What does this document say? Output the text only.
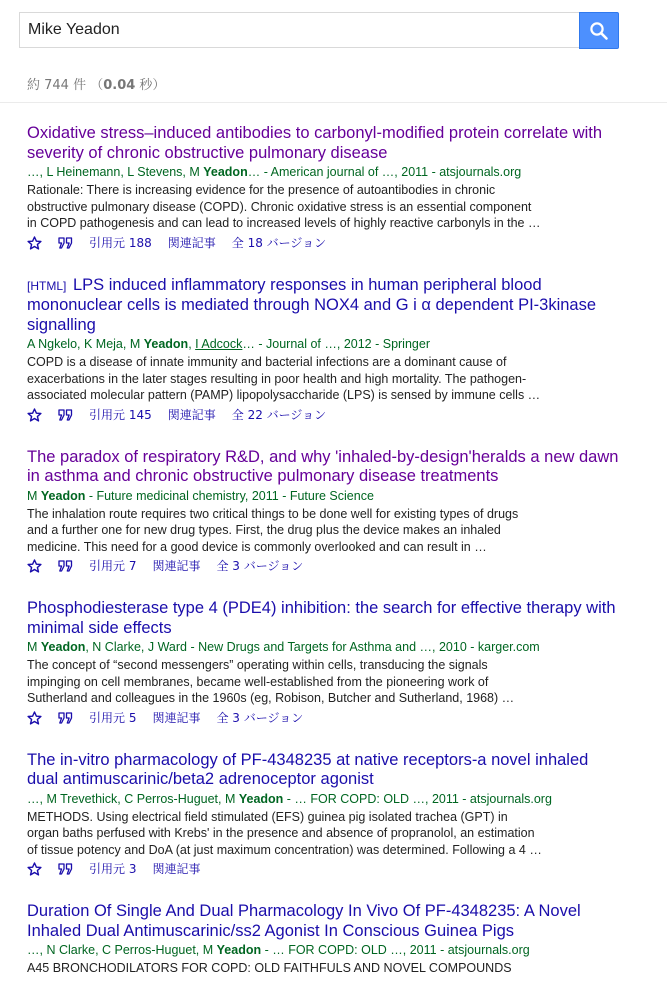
Mike Yeadon
約 744 件 （0.04 秒）
Oxidative stress–induced antibodies to carbonyl-modified protein correlate with
severity of chronic obstructive pulmonary disease
…, L Heinemann, L Stevens, M Yeadon… - American journal of …, 2011 - atsjournals.org
Rationale: There is increasing evidence for the presence of autoantibodies in chronic
obstructive pulmonary disease (COPD). Chronic oxidative stress is an essential component
in COPD pathogenesis and can lead to increased levels of highly reactive carbonyls in the …
引用元 188 関連記事 全 18 バージョン
[HTML] LPS induced inflammatory responses in human peripheral blood
mononuclear cells is mediated through NOX4 and G i α dependent PI-3kinase
signalling
A Ngkelo, K Meja, M Yeadon, I Adcock… - Journal of …, 2012 - Springer
COPD is a disease of innate immunity and bacterial infections are a dominant cause of
exacerbations in the later stages resulting in poor health and high mortality. The pathogen-
associated molecular pattern (PAMP) lipopolysaccharide (LPS) is sensed by immune cells …
引用元 145 関連記事 全 22 バージョン
The paradox of respiratory R&D, and why 'inhaled-by-design'heralds a new dawn
in asthma and chronic obstructive pulmonary disease treatments
M Yeadon - Future medicinal chemistry, 2011 - Future Science
The inhalation route requires two critical things to be done well for existing types of drugs
and a further one for new drug types. First, the drug plus the device makes an inhaled
medicine. This need for a good device is commonly overlooked and can result in …
引用元 7 関連記事 全 3 バージョン
Phosphodiesterase type 4 (PDE4) inhibition: the search for effective therapy with
minimal side effects
M Yeadon, N Clarke, J Ward - New Drugs and Targets for Asthma and …, 2010 - karger.com
The concept of “second messengers” operating within cells, transducing the signals
impinging on cell membranes, became well-established from the pioneering work of
Sutherland and colleagues in the 1960s (eg, Robison, Butcher and Sutherland, 1968) …
引用元 5 関連記事 全 3 バージョン
The in-vitro pharmacology of PF-4348235 at native receptors-a novel inhaled
dual antimuscarinic/beta2 adrenoceptor agonist
…, M Trevethick, C Perros-Huguet, M Yeadon - … FOR COPD: OLD …, 2011 - atsjournals.org
METHODS. Using electrical field stimulated (EFS) guinea pig isolated trachea (GPT) in
organ baths perfused with Krebs' in the presence and absence of propranolol, an estimation
of tissue potency and DoA (at just maximum concentration) was determined. Following a 4 …
引用元 3 関連記事
Duration Of Single And Dual Pharmacology In Vivo Of PF-4348235: A Novel
Inhaled Dual Antimuscarinic/ss2 Agonist In Conscious Guinea Pigs
…, N Clarke, C Perros-Huguet, M Yeadon - … FOR COPD: OLD …, 2011 - atsjournals.org
A45 BRONCHODILATORS FOR COPD: OLD FAITHFULS AND NOVEL COMPOUNDS
